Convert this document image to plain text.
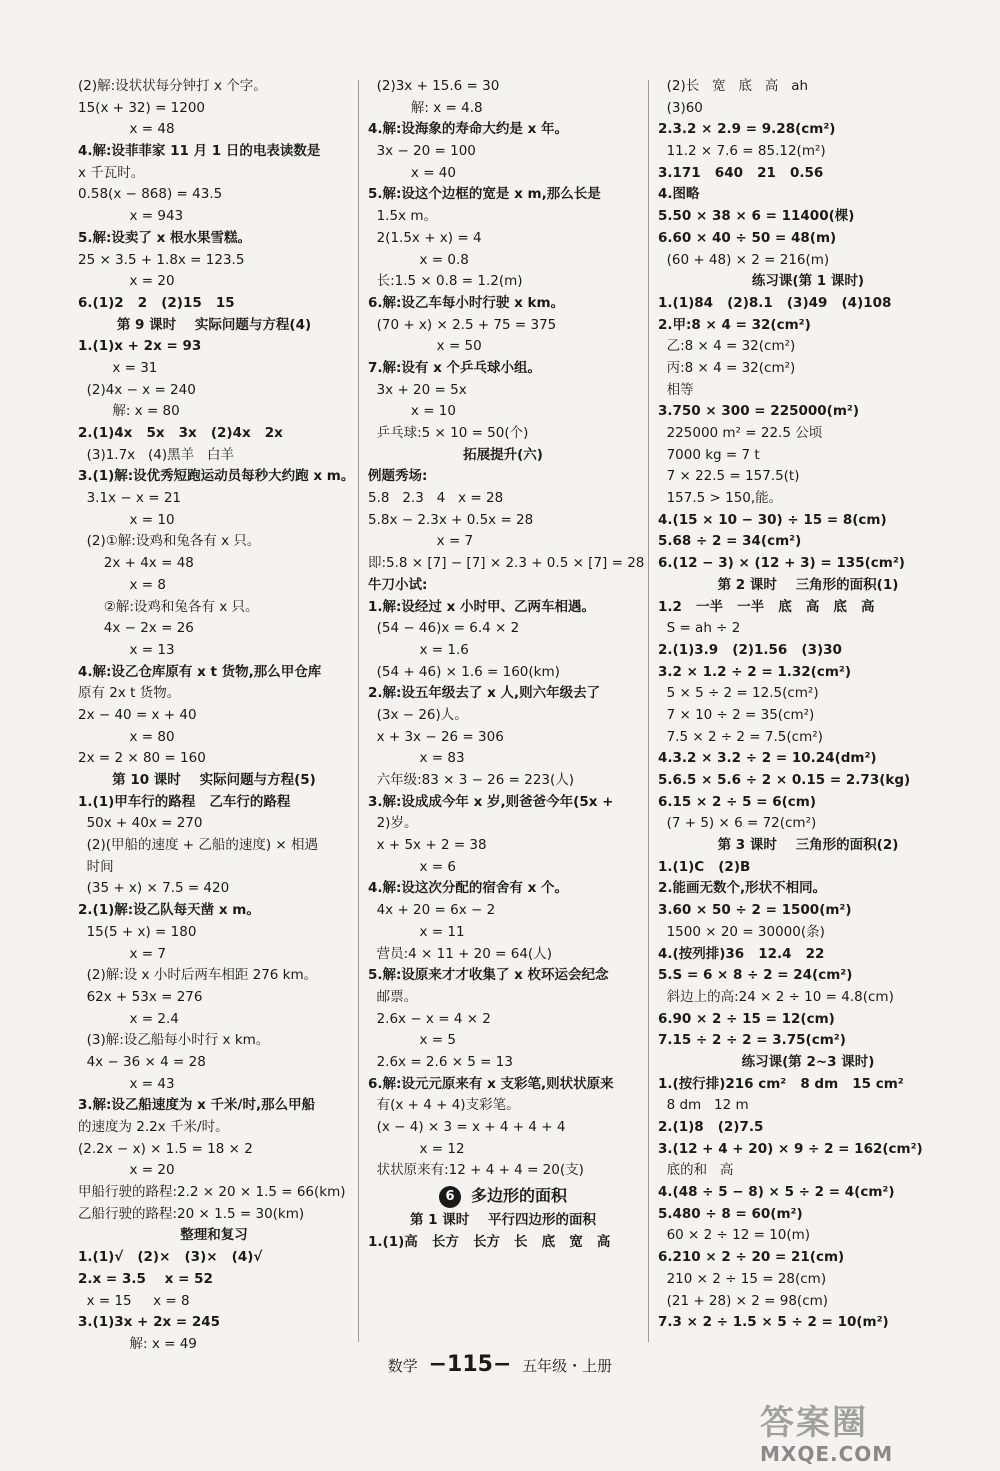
(2)解:设状状每分钟打 x 个字。
15(x + 32) = 1200
x = 48
4.解:设菲菲家 11 月 1 日的电表读数是
x 千瓦时。
0.58(x − 868) = 43.5
x = 943
5.解:设卖了 x 根水果雪糕。
25 × 3.5 + 1.8x = 123.5
x = 20
6.(1)2   2   (2)15   15
第 9 课时    实际问题与方程(4)
1.(1)x + 2x = 93
x = 31
(2)4x − x = 240
解: x = 80
2.(1)4x   5x   3x   (2)4x   2x
(3)1.7x   (4)黑羊   白羊
3.(1)解:设优秀短跑运动员每秒大约跑 x m。
3.1x − x = 21
x = 10
(2)①解:设鸡和兔各有 x 只。
2x + 4x = 48
x = 8
②解:设鸡和兔各有 x 只。
4x − 2x = 26
x = 13
4.解:设乙仓库原有 x t 货物,那么甲仓库
原有 2x t 货物。
2x − 40 = x + 40
x = 80
2x = 2 × 80 = 160
第 10 课时    实际问题与方程(5)
1.(1)甲车行的路程   乙车行的路程
50x + 40x = 270
(2)(甲船的速度 + 乙船的速度) × 相遇
时间
(35 + x) × 7.5 = 420
2.(1)解:设乙队每天凿 x m。
15(5 + x) = 180
x = 7
(2)解:设 x 小时后两车相距 276 km。
62x + 53x = 276
x = 2.4
(3)解:设乙船每小时行 x km。
4x − 36 × 4 = 28
x = 43
3.解:设乙船速度为 x 千米/时,那么甲船
的速度为 2.2x 千米/时。
(2.2x − x) × 1.5 = 18 × 2
x = 20
甲船行驶的路程:2.2 × 20 × 1.5 = 66(km)
乙船行驶的路程:20 × 1.5 = 30(km)
整理和复习
1.(1)√   (2)×   (3)×   (4)√
2.x = 3.5    x = 52
x = 15     x = 8
3.(1)3x + 2x = 245
解: x = 49
(2)3x + 15.6 = 30
解: x = 4.8
4.解:设海象的寿命大约是 x 年。
3x − 20 = 100
x = 40
5.解:设这个边框的宽是 x m,那么长是
1.5x m。
2(1.5x + x) = 4
x = 0.8
长:1.5 × 0.8 = 1.2(m)
6.解:设乙车每小时行驶 x km。
(70 + x) × 2.5 + 75 = 375
x = 50
7.解:设有 x 个乒乓球小组。
3x + 20 = 5x
x = 10
乒乓球:5 × 10 = 50(个)
拓展提升(六)
例题秀场:
5.8   2.3   4   x = 28
5.8x − 2.3x + 0.5x = 28
x = 7
即:5.8 × [7] − [7] × 2.3 + 0.5 × [7] = 28
牛刀小试:
1.解:设经过 x 小时甲、乙两车相遇。
(54 − 46)x = 6.4 × 2
x = 1.6
(54 + 46) × 1.6 = 160(km)
2.解:设五年级去了 x 人,则六年级去了
(3x − 26)人。
x + 3x − 26 = 306
x = 83
六年级:83 × 3 − 26 = 223(人)
3.解:设成成今年 x 岁,则爸爸今年(5x +
2)岁。
x + 5x + 2 = 38
x = 6
4.解:设这次分配的宿舍有 x 个。
4x + 20 = 6x − 2
x = 11
营员:4 × 11 + 20 = 64(人)
5.解:设原来才才收集了 x 枚环运会纪念
邮票。
2.6x − x = 4 × 2
x = 5
2.6x = 2.6 × 5 = 13
6.解:设元元原来有 x 支彩笔,则状状原来
有(x + 4 + 4)支彩笔。
(x − 4) × 3 = x + 4 + 4 + 4
x = 12
状状原来有:12 + 4 + 4 = 20(支)
6 多边形的面积
第 1 课时    平行四边形的面积
1.(1)高   长方   长方   长   底   宽   高
(2)长   宽   底   高   ah
(3)60
2.3.2 × 2.9 = 9.28(cm²)
11.2 × 7.6 = 85.12(m²)
3.171   640   21   0.56
4.图略
5.50 × 38 × 6 = 11400(棵)
6.60 × 40 ÷ 50 = 48(m)
(60 + 48) × 2 = 216(m)
练习课(第 1 课时)
1.(1)84   (2)8.1   (3)49   (4)108
2.甲:8 × 4 = 32(cm²)
乙:8 × 4 = 32(cm²)
丙:8 × 4 = 32(cm²)
相等
3.750 × 300 = 225000(m²)
225000 m² = 22.5 公顷
7000 kg = 7 t
7 × 22.5 = 157.5(t)
157.5 > 150,能。
4.(15 × 10 − 30) ÷ 15 = 8(cm)
5.68 ÷ 2 = 34(cm²)
6.(12 − 3) × (12 + 3) = 135(cm²)
第 2 课时    三角形的面积(1)
1.2   一半   一半   底   高   底   高
S = ah ÷ 2
2.(1)3.9   (2)1.56   (3)30
3.2 × 1.2 ÷ 2 = 1.32(cm²)
5 × 5 ÷ 2 = 12.5(cm²)
7 × 10 ÷ 2 = 35(cm²)
7.5 × 2 ÷ 2 = 7.5(cm²)
4.3.2 × 3.2 ÷ 2 = 10.24(dm²)
5.6.5 × 5.6 ÷ 2 × 0.15 = 2.73(kg)
6.15 × 2 ÷ 5 = 6(cm)
(7 + 5) × 6 = 72(cm²)
第 3 课时    三角形的面积(2)
1.(1)C   (2)B
2.能画无数个,形状不相同。
3.60 × 50 ÷ 2 = 1500(m²)
1500 × 20 = 30000(条)
4.(按列排)36   12.4   22
5.S = 6 × 8 ÷ 2 = 24(cm²)
斜边上的高:24 × 2 ÷ 10 = 4.8(cm)
6.90 × 2 ÷ 15 = 12(cm)
7.15 ÷ 2 ÷ 2 = 3.75(cm²)
练习课(第 2~3 课时)
1.(按行排)216 cm²   8 dm   15 cm²
8 dm   12 m
2.(1)8   (2)7.5
3.(12 + 4 + 20) × 9 ÷ 2 = 162(cm²)
底的和   高
4.(48 ÷ 5 − 8) × 5 ÷ 2 = 4(cm²)
5.480 ÷ 8 = 60(m²)
60 × 2 ÷ 12 = 10(m)
6.210 × 2 ÷ 20 = 21(cm)
210 × 2 ÷ 15 = 28(cm)
(21 + 28) × 2 = 98(cm)
7.3 × 2 ÷ 1.5 × 5 ÷ 2 = 10(m²)
数学 −115− 五年级・上册
答案圈
MXQE.COM
